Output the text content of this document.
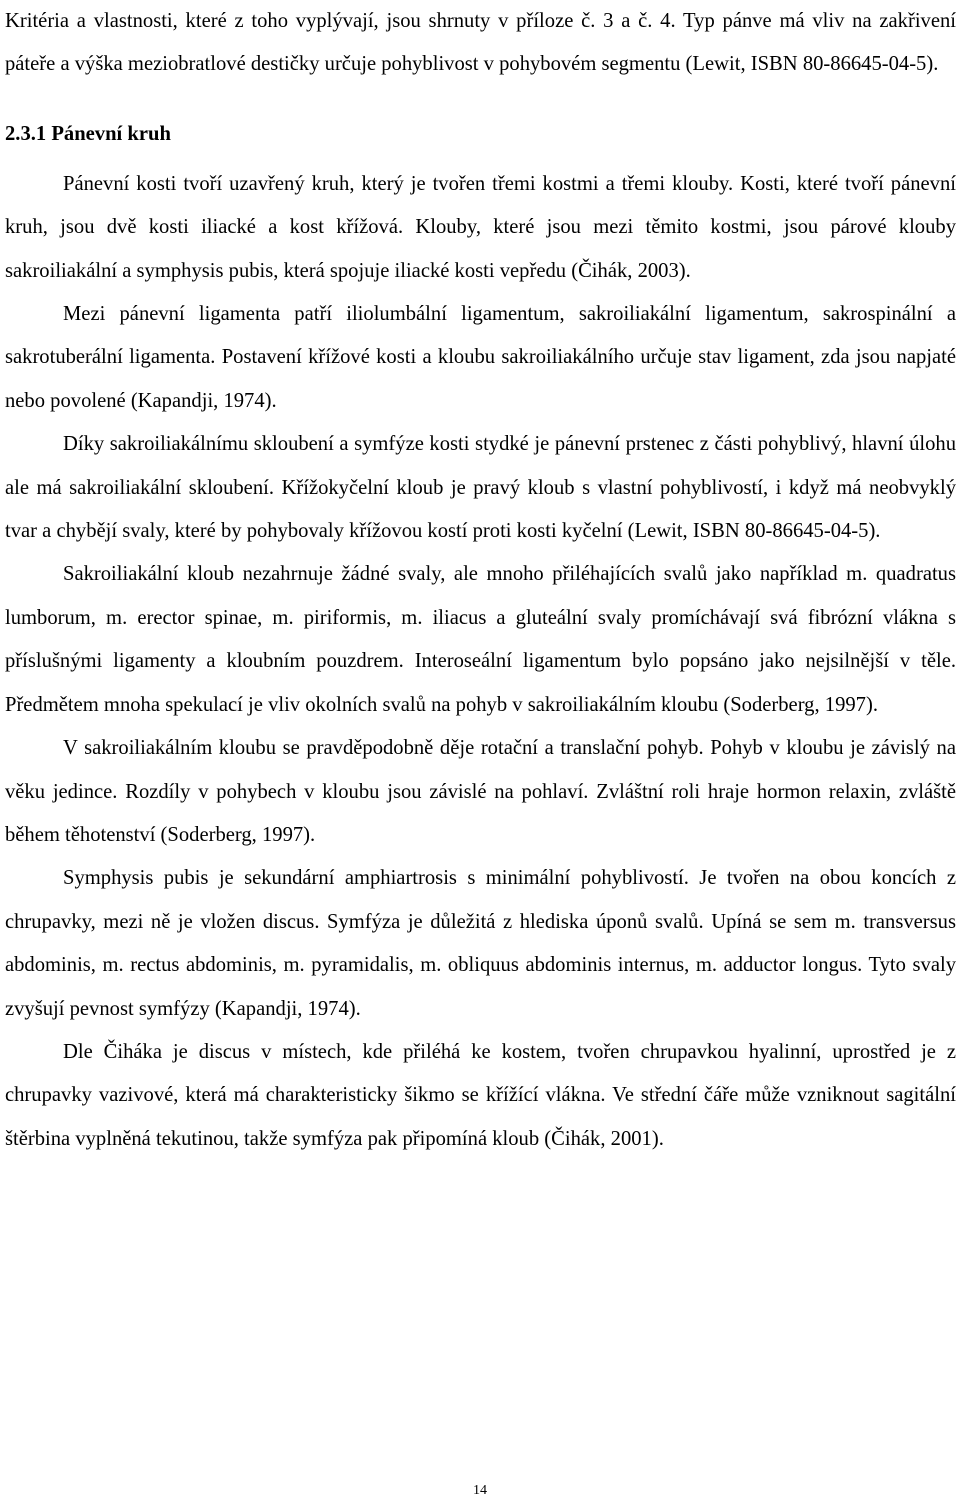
Kritéria a vlastnosti, které z toho vyplývají, jsou shrnuty v příloze č. 3 a č. 4. Typ pánve má vliv na zakřivení páteře a výška meziobratlové destičky určuje pohyblivost v pohybovém segmentu (Lewit, ISBN 80-86645-04-5).

2.3.1 Pánevní kruh

Pánevní kosti tvoří uzavřený kruh, který je tvořen třemi kostmi a třemi klouby. Kosti, které tvoří pánevní kruh, jsou dvě kosti iliacké a kost křížová. Klouby, které jsou mezi těmito kostmi, jsou párové klouby sakroiliakální a symphysis pubis, která spojuje iliacké kosti vepředu (Čihák, 2003).

Mezi pánevní ligamenta patří iliolumbální ligamentum, sakroiliakální ligamentum, sakrospinální a sakrotuberální ligamenta. Postavení křížové kosti a kloubu sakroiliakálního určuje stav ligament, zda jsou napjaté nebo povolené (Kapandji, 1974).

Díky sakroiliakálnímu skloubení a symfýze kosti stydké je pánevní prstenec z části pohyblivý, hlavní úlohu ale má sakroiliakální skloubení. Křížokyčelní kloub je pravý kloub s vlastní pohyblivostí, i když má neobvyklý tvar a chybějí svaly, které by pohybovaly křížovou kostí proti kosti kyčelní (Lewit, ISBN 80-86645-04-5).

Sakroiliakální kloub nezahrnuje žádné svaly, ale mnoho přiléhajících svalů jako například m. quadratus lumborum, m. erector spinae, m. piriformis, m. iliacus a gluteální svaly promíchávají svá fibrózní vlákna s příslušnými ligamenty a kloubním pouzdrem. Interoseální ligamentum bylo popsáno jako nejsilnější v těle. Předmětem mnoha spekulací je vliv okolních svalů na pohyb v sakroiliakálním kloubu (Soderberg, 1997).

V sakroiliakálním kloubu se pravděpodobně děje rotační a translační pohyb. Pohyb v kloubu je závislý na věku jedince. Rozdíly v pohybech v kloubu jsou závislé na pohlaví. Zvláštní roli hraje hormon relaxin, zvláště během těhotenství (Soderberg, 1997).

Symphysis pubis je sekundární amphiartrosis s minimální pohyblivostí. Je tvořen na obou koncích z chrupavky, mezi ně je vložen discus. Symfýza je důležitá z hlediska úponů svalů. Upíná se sem m. transversus abdominis, m. rectus abdominis, m. pyramidalis, m. obliquus abdominis internus, m. adductor longus. Tyto svaly zvyšují pevnost symfýzy (Kapandji, 1974).

Dle Čiháka je discus v místech, kde přiléhá ke kostem, tvořen chrupavkou hyalinní, uprostřed je z chrupavky vazivové, která má charakteristicky šikmo se křížící vlákna. Ve střední čáře může vzniknout sagitální štěrbina vyplněná tekutinou, takže symfýza pak připomíná kloub (Čihák, 2001).

14
